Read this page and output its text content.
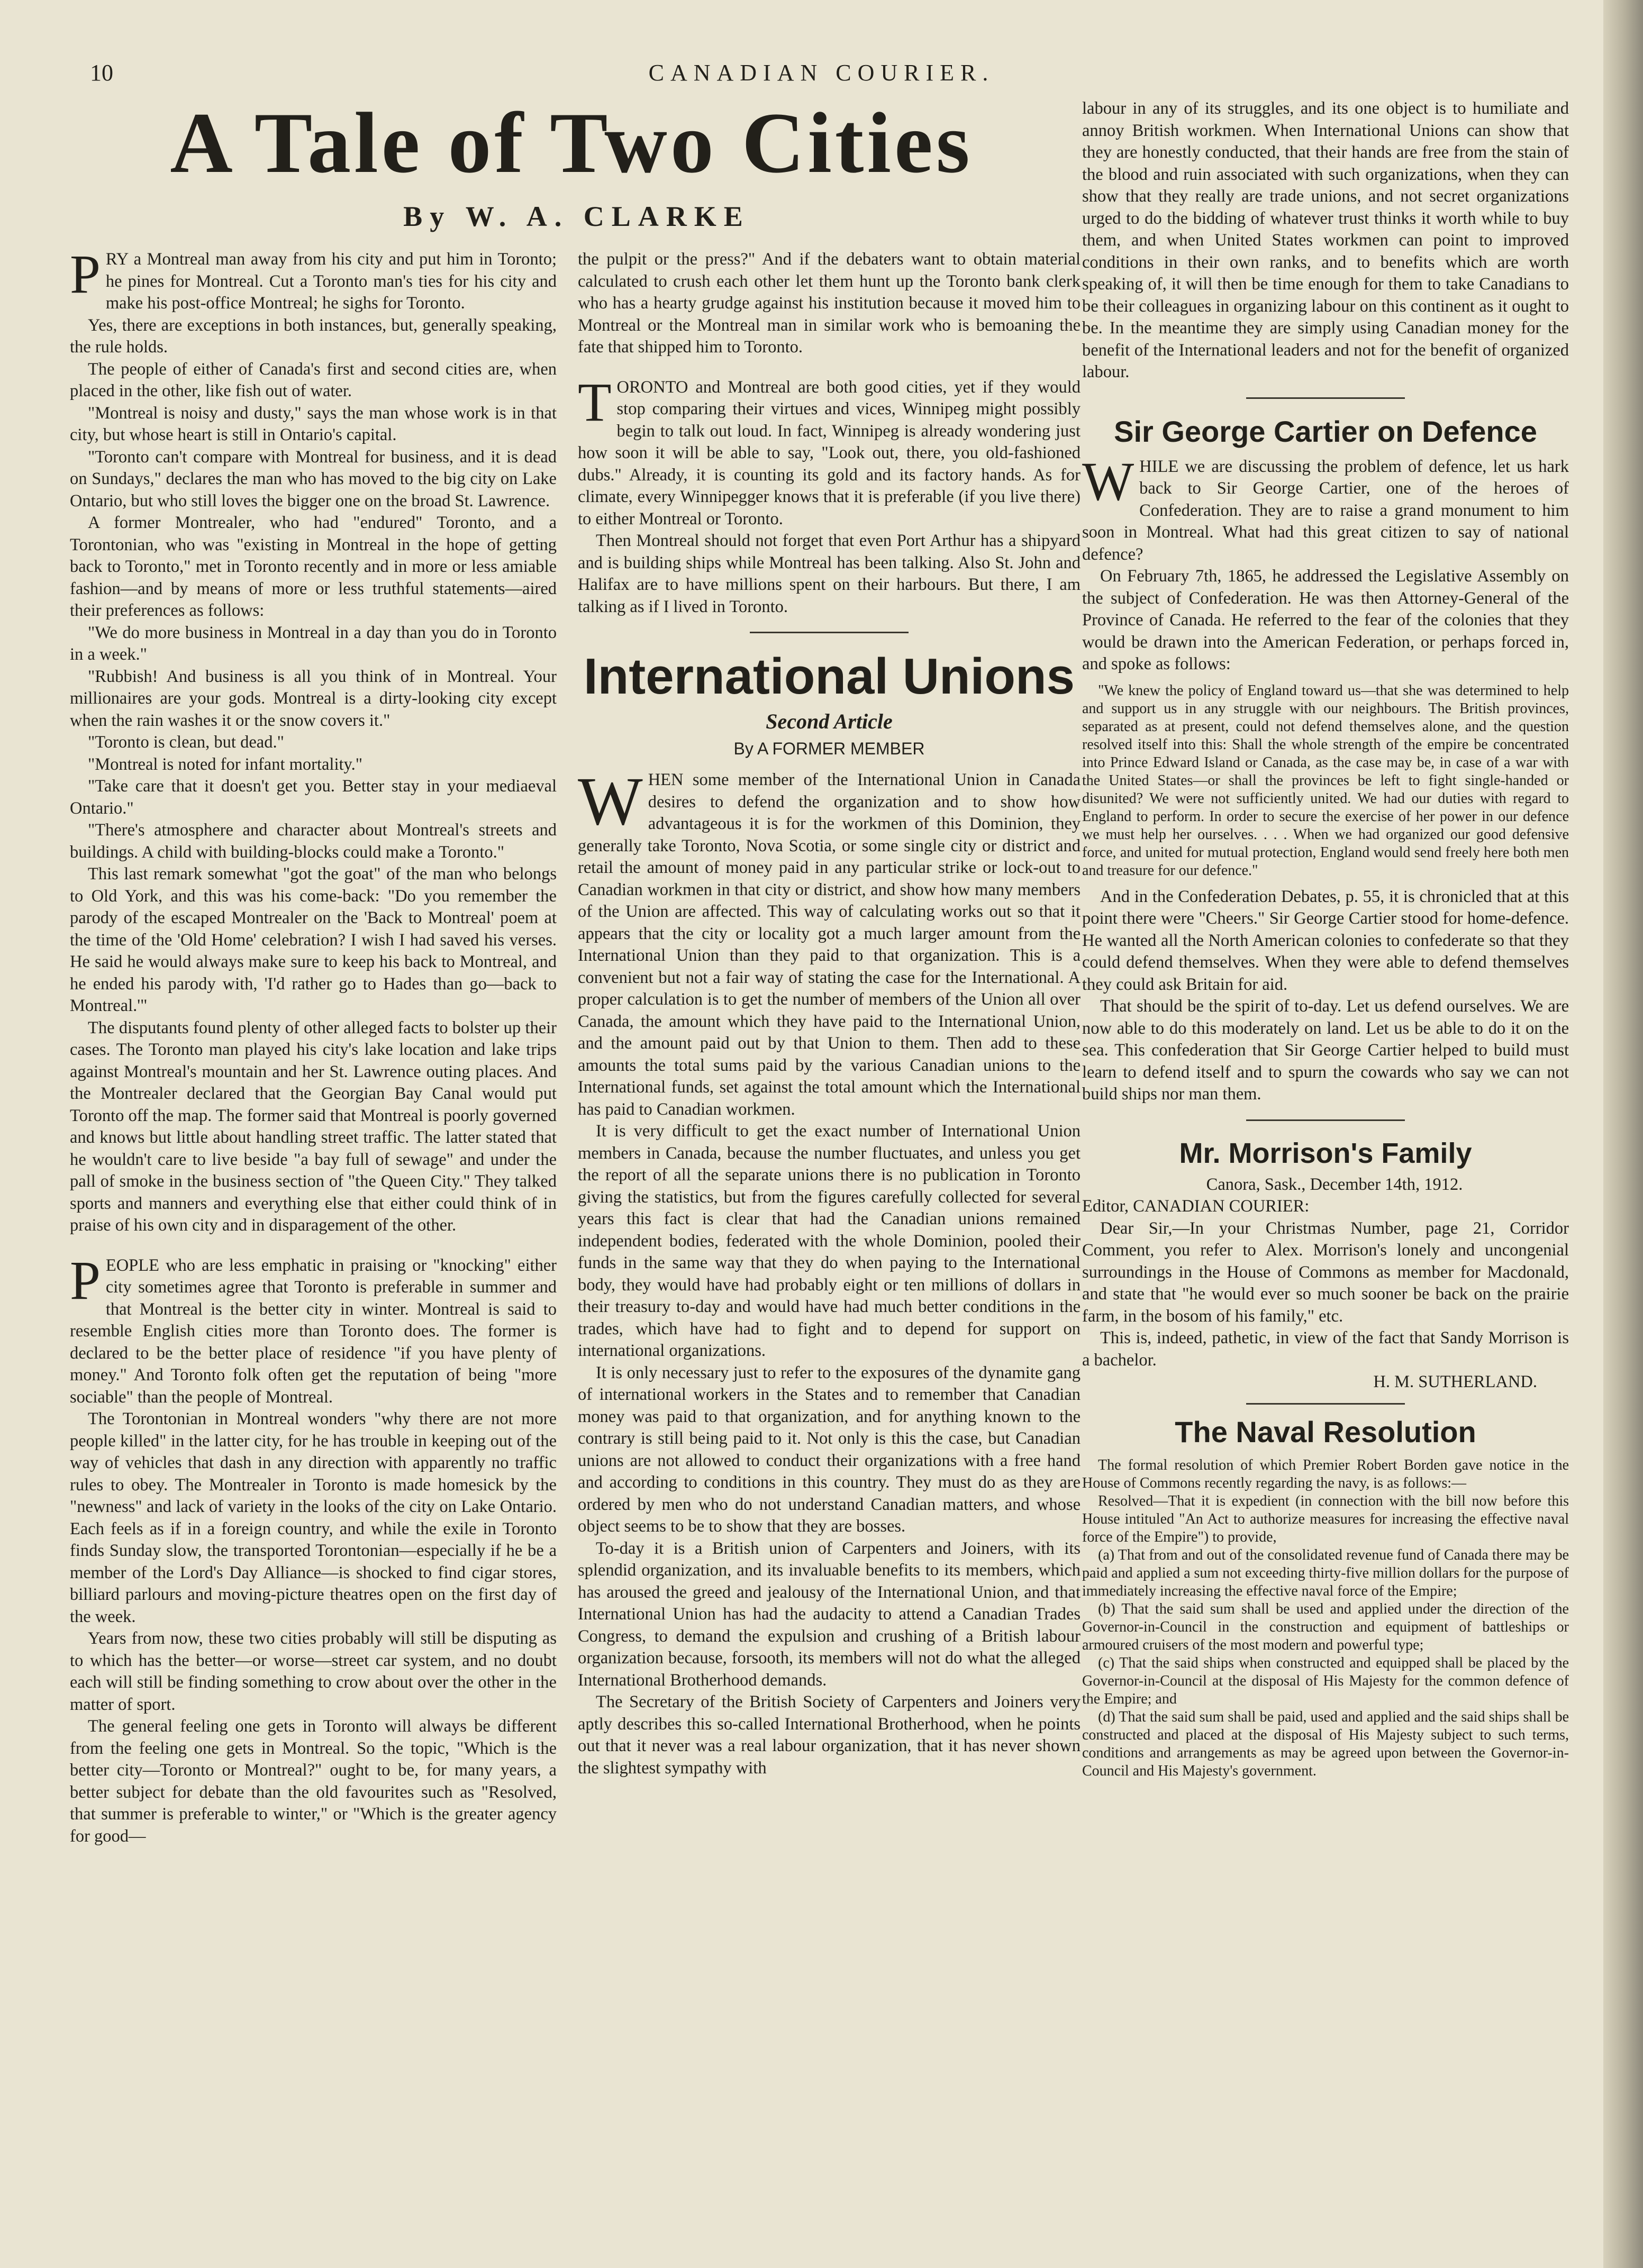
10	CANADIAN COURIER.
A Tale of Two Cities
By W. A. CLARKE

PRY a Montreal man away from his city and put him in Toronto; he pines for Montreal. Cut a Toronto man's ties for his city and make his post-office Montreal; he sighs for Toronto.

Yes, there are exceptions in both instances, but, generally speaking, the rule holds.

The people of either of Canada's first and second cities are, when placed in the other, like fish out of water.

"Montreal is noisy and dusty," says the man whose work is in that city, but whose heart is still in Ontario's capital.

"Toronto can't compare with Montreal for business, and it is dead on Sundays," declares the man who has moved to the big city on Lake Ontario, but who still loves the bigger one on the broad St. Lawrence.

A former Montrealer, who had "endured" Toronto, and a Torontonian, who was "existing in Montreal in the hope of getting back to Toronto," met in Toronto recently and in more or less amiable fashion—and by means of more or less truthful statements—aired their preferences as follows:

"We do more business in Montreal in a day than you do in Toronto in a week."

"Rubbish! And business is all you think of in Montreal. Your millionaires are your gods. Montreal is a dirty-looking city except when the rain washes it or the snow covers it."

"Toronto is clean, but dead."

"Montreal is noted for infant mortality."

"Take care that it doesn't get you. Better stay in your mediaeval Ontario."

"There's atmosphere and character about Montreal's streets and buildings. A child with building-blocks could make a Toronto."

This last remark somewhat "got the goat" of the man who belongs to Old York, and this was his come-back: "Do you remember the parody of the escaped Montrealer on the 'Back to Montreal' poem at the time of the 'Old Home' celebration? I wish I had saved his verses. He said he would always make sure to keep his back to Montreal, and he ended his parody with, 'I'd rather go to Hades than go—back to Montreal.'"

The disputants found plenty of other alleged facts to bolster up their cases. The Toronto man played his city's lake location and lake trips against Montreal's mountain and her St. Lawrence outing places. And the Montrealer declared that the Georgian Bay Canal would put Toronto off the map. The former said that Montreal is poorly governed and knows but little about handling street traffic. The latter stated that he wouldn't care to live beside "a bay full of sewage" and under the pall of smoke in the business section of "the Queen City." They talked sports and manners and everything else that either could think of in praise of his own city and in disparagement of the other.

PEOPLE who are less emphatic in praising or "knocking" either city sometimes agree that Toronto is preferable in summer and that Montreal is the better city in winter. Montreal is said to resemble English cities more than Toronto does. The former is declared to be the better place of residence "if you have plenty of money." And Toronto folk often get the reputation of being "more sociable" than the people of Montreal.

The Torontonian in Montreal wonders "why there are not more people killed" in the latter city, for he has trouble in keeping out of the way of vehicles that dash in any direction with apparently no traffic rules to obey. The Montrealer in Toronto is made homesick by the "newness" and lack of variety in the looks of the city on Lake Ontario. Each feels as if in a foreign country, and while the exile in Toronto finds Sunday slow, the transported Torontonian—especially if he be a member of the Lord's Day Alliance—is shocked to find cigar stores, billiard parlours and moving-picture theatres open on the first day of the week.

Years from now, these two cities probably will still be disputing as to which has the better—or worse—street car system, and no doubt each will still be finding something to crow about over the other in the matter of sport.

The general feeling one gets in Toronto will always be different from the feeling one gets in Montreal. So the topic, "Which is the better city—Toronto or Montreal?" ought to be, for many years, a better subject for debate than the old favourites such as "Resolved, that summer is preferable to winter," or "Which is the greater agency for good—

the pulpit or the press?" And if the debaters want to obtain material calculated to crush each other let them hunt up the Toronto bank clerk who has a hearty grudge against his institution because it moved him to Montreal or the Montreal man in similar work who is bemoaning the fate that shipped him to Toronto.

TORONTO and Montreal are both good cities, yet if they would stop comparing their virtues and vices, Winnipeg might possibly begin to talk out loud. In fact, Winnipeg is already wondering just how soon it will be able to say, "Look out, there, you old-fashioned dubs." Already, it is counting its gold and its factory hands. As for climate, every Winnipegger knows that it is preferable (if you live there) to either Montreal or Toronto.

Then Montreal should not forget that even Port Arthur has a shipyard and is building ships while Montreal has been talking. Also St. John and Halifax are to have millions spent on their harbours. But there, I am talking as if I lived in Toronto.

International Unions
Second Article
By A FORMER MEMBER

WHEN some member of the International Union in Canada desires to defend the organization and to show how advantageous it is for the workmen of this Dominion, they generally take Toronto, Nova Scotia, or some single city or district and retail the amount of money paid in any particular strike or lock-out to Canadian workmen in that city or district, and show how many members of the Union are affected. This way of calculating works out so that it appears that the city or locality got a much larger amount from the International Union than they paid to that organization. This is a convenient but not a fair way of stating the case for the International. A proper calculation is to get the number of members of the Union all over Canada, the amount which they have paid to the International Union, and the amount paid out by that Union to them. Then add to these amounts the total sums paid by the various Canadian unions to the International funds, set against the total amount which the International has paid to Canadian workmen.

It is very difficult to get the exact number of International Union members in Canada, because the number fluctuates, and unless you get the report of all the separate unions there is no publication in Toronto giving the statistics, but from the figures carefully collected for several years this fact is clear that had the Canadian unions remained independent bodies, federated with the whole Dominion, pooled their funds in the same way that they do when paying to the International body, they would have had probably eight or ten millions of dollars in their treasury to-day and would have had much better conditions in the trades, which have had to fight and to depend for support on international organizations.

It is only necessary just to refer to the exposures of the dynamite gang of international workers in the States and to remember that Canadian money was paid to that organization, and for anything known to the contrary is still being paid to it. Not only is this the case, but Canadian unions are not allowed to conduct their organizations with a free hand and according to conditions in this country. They must do as they are ordered by men who do not understand Canadian matters, and whose object seems to be to show that they are bosses.

To-day it is a British union of Carpenters and Joiners, with its splendid organization, and its invaluable benefits to its members, which has aroused the greed and jealousy of the International Union, and that International Union has had the audacity to attend a Canadian Trades Congress, to demand the expulsion and crushing of a British labour organization because, forsooth, its members will not do what the alleged International Brotherhood demands.

The Secretary of the British Society of Carpenters and Joiners very aptly describes this so-called International Brotherhood, when he points out that it never was a real labour organization, that it has never shown the slightest sympathy with

labour in any of its struggles, and its one object is to humiliate and annoy British workmen. When International Unions can show that they are honestly conducted, that their hands are free from the stain of the blood and ruin associated with such organizations, when they can show that they really are trade unions, and not secret organizations urged to do the bidding of whatever trust thinks it worth while to buy them, and when United States workmen can point to improved conditions in their own ranks, and to benefits which are worth speaking of, it will then be time enough for them to take Canadians to be their colleagues in organizing labour on this continent as it ought to be. In the meantime they are simply using Canadian money for the benefit of the International leaders and not for the benefit of organized labour.

Sir George Cartier on Defence

WHILE we are discussing the problem of defence, let us hark back to Sir George Cartier, one of the heroes of Confederation. They are to raise a grand monument to him soon in Montreal. What had this great citizen to say of national defence?

On February 7th, 1865, he addressed the Legislative Assembly on the subject of Confederation. He was then Attorney-General of the Province of Canada. He referred to the fear of the colonies that they would be drawn into the American Federation, or perhaps forced in, and spoke as follows:

"We knew the policy of England toward us—that she was determined to help and support us in any struggle with our neighbours. The British provinces, separated as at present, could not defend themselves alone, and the question resolved itself into this: Shall the whole strength of the empire be concentrated into Prince Edward Island or Canada, as the case may be, in case of a war with the United States—or shall the provinces be left to fight single-handed or disunited? We were not sufficiently united. We had our duties with regard to England to perform. In order to secure the exercise of her power in our defence we must help her ourselves. . . . When we had organized our good defensive force, and united for mutual protection, England would send freely here both men and treasure for our defence."

And in the Confederation Debates, p. 55, it is chronicled that at this point there were "Cheers." Sir George Cartier stood for home-defence. He wanted all the North American colonies to confederate so that they could defend themselves. When they were able to defend themselves they could ask Britain for aid.

That should be the spirit of to-day. Let us defend ourselves. We are now able to do this moderately on land. Let us be able to do it on the sea. This confederation that Sir George Cartier helped to build must learn to defend itself and to spurn the cowards who say we can not build ships nor man them.

Mr. Morrison's Family

Canora, Sask., December 14th, 1912.

Editor, CANADIAN COURIER:

Dear Sir,—In your Christmas Number, page 21, Corridor Comment, you refer to Alex. Morrison's lonely and uncongenial surroundings in the House of Commons as member for Macdonald, and state that "he would ever so much sooner be back on the prairie farm, in the bosom of his family," etc.

This is, indeed, pathetic, in view of the fact that Sandy Morrison is a bachelor.

H. M. SUTHERLAND.

The Naval Resolution

The formal resolution of which Premier Robert Borden gave notice in the House of Commons recently regarding the navy, is as follows:—

Resolved—That it is expedient (in connection with the bill now before this House intituled "An Act to authorize measures for increasing the effective naval force of the Empire") to provide,

(a) That from and out of the consolidated revenue fund of Canada there may be paid and applied a sum not exceeding thirty-five million dollars for the purpose of immediately increasing the effective naval force of the Empire;

(b) That the said sum shall be used and applied under the direction of the Governor-in-Council in the construction and equipment of battleships or armoured cruisers of the most modern and powerful type;

(c) That the said ships when constructed and equipped shall be placed by the Governor-in-Council at the disposal of His Majesty for the common defence of the Empire; and

(d) That the said sum shall be paid, used and applied and the said ships shall be constructed and placed at the disposal of His Majesty subject to such terms, conditions and arrangements as may be agreed upon between the Governor-in-Council and His Majesty's government.
